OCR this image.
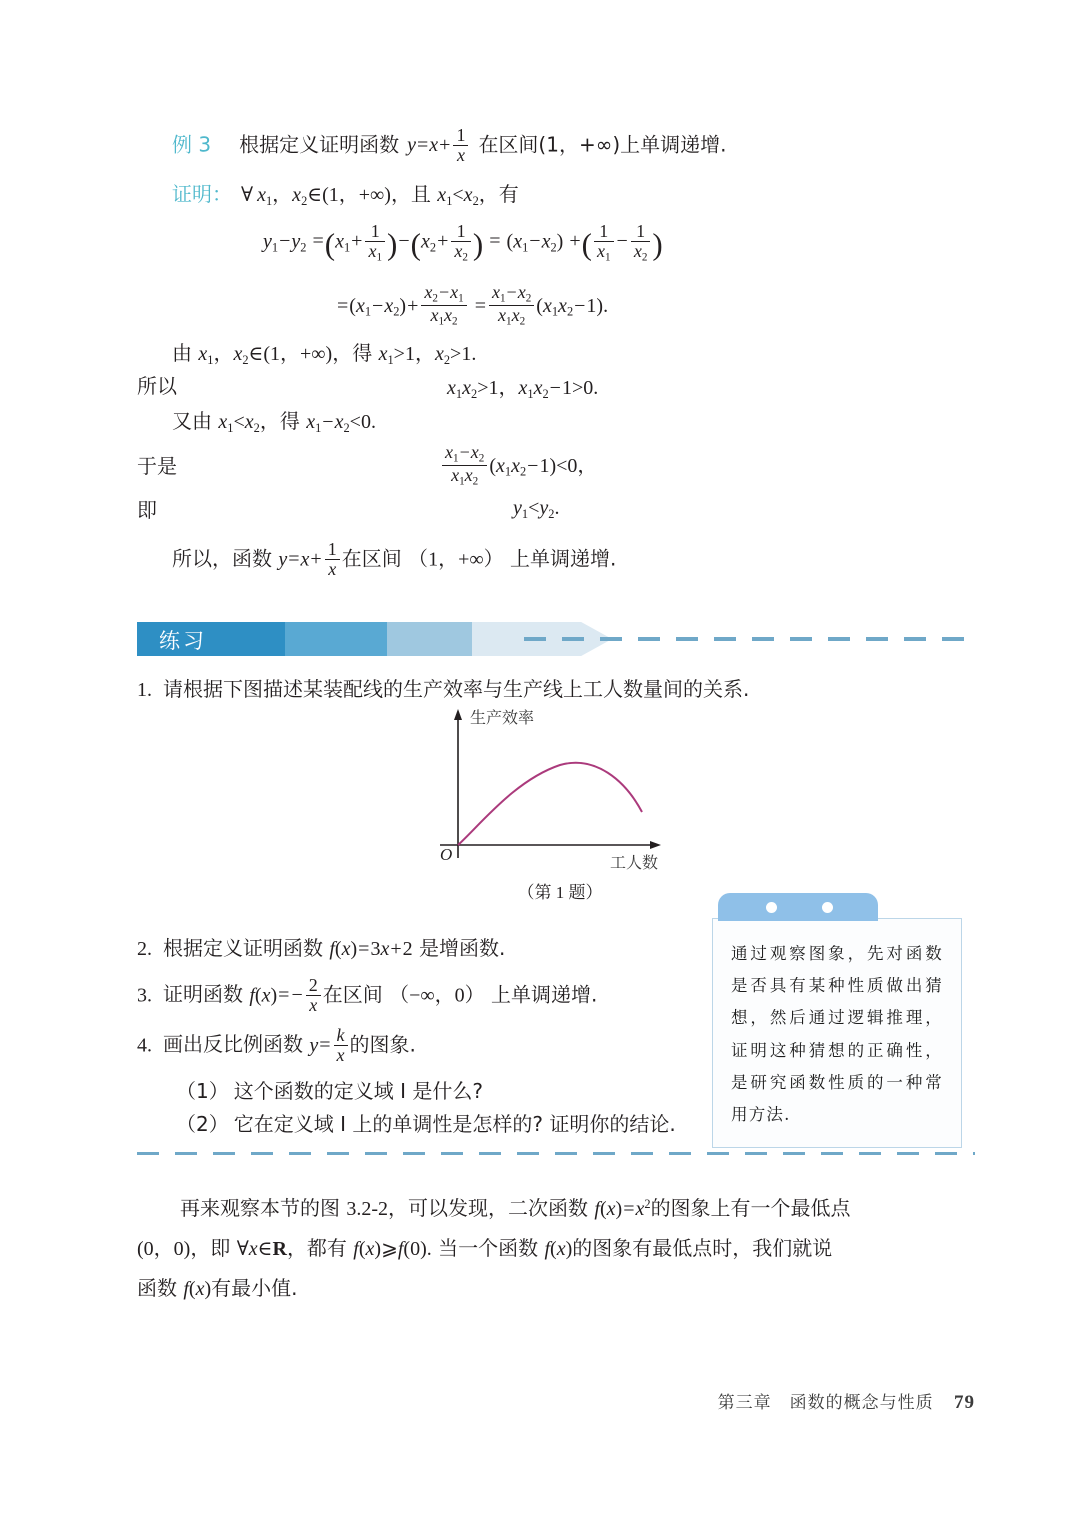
例 3 根据定义证明函数 $y=x+ \frac{1}{x}$ 在区间(1，+∞)上单调递增.
证明： ∀ x1，x2∈(1，+∞)，且 x1<x2，有
$y1-y2 =(x1+ \frac{1}{x1} )-(x2+ \frac{1}{x2}$ ) = (x1−x2) +( $\frac{1}{x1} - \frac{1}{x2}$ )
$=(x1-x2)+ \frac{x2-x1}{x1x2} = \frac{x1-x2}{x1x2} (x1x2-1)$.
由 x1，x2∈(1，+∞)，得 x1>1，x2>1.
所以	x1x2>1，x1x2−1>0.
又由 x1<x2，得 x1−x2<0.
于是	$\frac{x1-x2}{x1x2} (x1x2-1)<0$，
即	y1<y2.
所以，函数 $y=x+ \frac{1}{x}$ 在区间 （1，+∞） 上单调递增.
练习
1. 请根据下图描述某装配线的生产效率与生产线上工人数量间的关系.
生产效率
工人数
O
（第 1 题）
2. 根据定义证明函数 f(x)=3x+2 是增函数.
3. 证明函数 $f(x)= - \frac{2}{x}$ 在区间 （−∞，0） 上单调递增.
4. 画出反比例函数 $y= \frac{k}{x}$ 的图象.
（1） 这个函数的定义域 I 是什么?
（2） 它在定义域 I 上的单调性是怎样的? 证明你的结论.
通过观察图象，先对函数是否具有某种性质做出猜想，然后通过逻辑推理，证明这种猜想的正确性，是研究函数性质的一种常用方法.
再来观察本节的图 3.2-2，可以发现，二次函数 $f(x)=x^2$的图象上有一个最低点
(0，0)，即 ∀x∈R，都有 f(x)⩾f(0). 当一个函数 f(x)的图象有最低点时，我们就说
函数 f(x)有最小值.
第三章　函数的概念与性质 79
